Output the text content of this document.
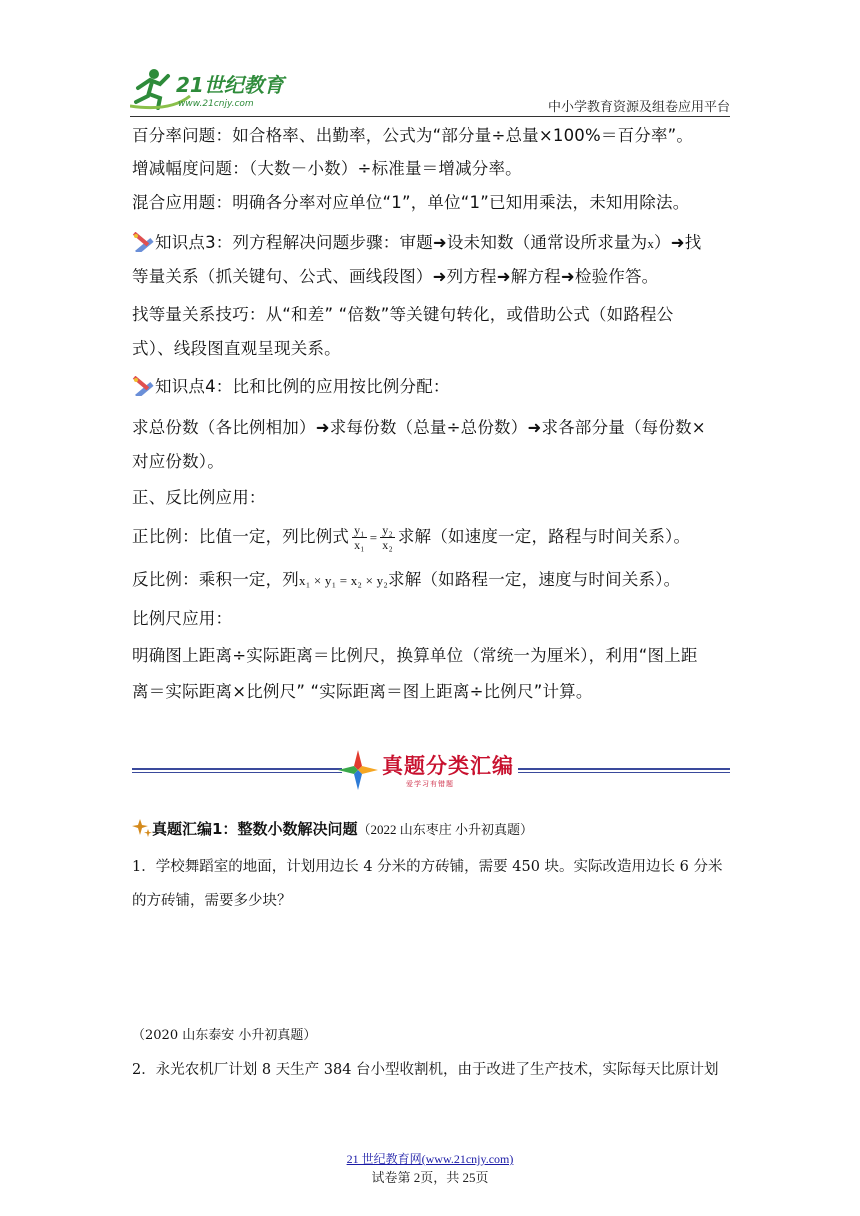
21世纪教育
www.21cnjy.com	中小学教育资源及组卷应用平台
百分率问题：如合格率、出勤率，公式为“部分量÷总量×100%＝百分率”。
增减幅度问题：（大数－小数）÷标准量＝增减分率。
混合应用题：明确各分率对应单位“1”，单位“1”已知用乘法，未知用除法。
知识点3：列方程解决问题步骤：审题➜设未知数（通常设所求量为x）➜找
等量关系（抓关键句、公式、画线段图）➜列方程➜解方程➜检验作答。
找等量关系技巧：从“和差” “倍数”等关键句转化，或借助公式（如路程公
式）、线段图直观呈现关系。
知识点4：比和比例的应用按比例分配：
求总份数（各比例相加）➜求每份数（总量÷总份数）➜求各部分量（每份数×
对应份数）。
正、反比例应用：
正比例：比值一定，列比例式 $\frac{\text{y₁}}{\text{x₁}} = \frac{\text{y₂}}{\text{x₂}}$ 求解（如速度一定，路程与时间关系）。
反比例：乘积一定，列x₁ × y₁ = x₂ × y₂求解（如路程一定，速度与时间关系）。
比例尺应用：
明确图上距离÷实际距离＝比例尺，换算单位（常统一为厘米），利用“图上距
离＝实际距离×比例尺” “实际距离＝图上距离÷比例尺”计算。
真题分类汇编
爱学习有错题
真题汇编1：整数小数解决问题（2022 山东枣庄 小升初真题）
1．学校舞蹈室的地面，计划用边长 4 分米的方砖铺，需要 450 块。实际改造用边长 6 分米
的方砖铺，需要多少块？
（2020 山东泰安 小升初真题）
2．永光农机厂计划 8 天生产 384 台小型收割机，由于改进了生产技术，实际每天比原计划
21 世纪教育网(www.21cnjy.com)
试卷第 2页，共 25页
